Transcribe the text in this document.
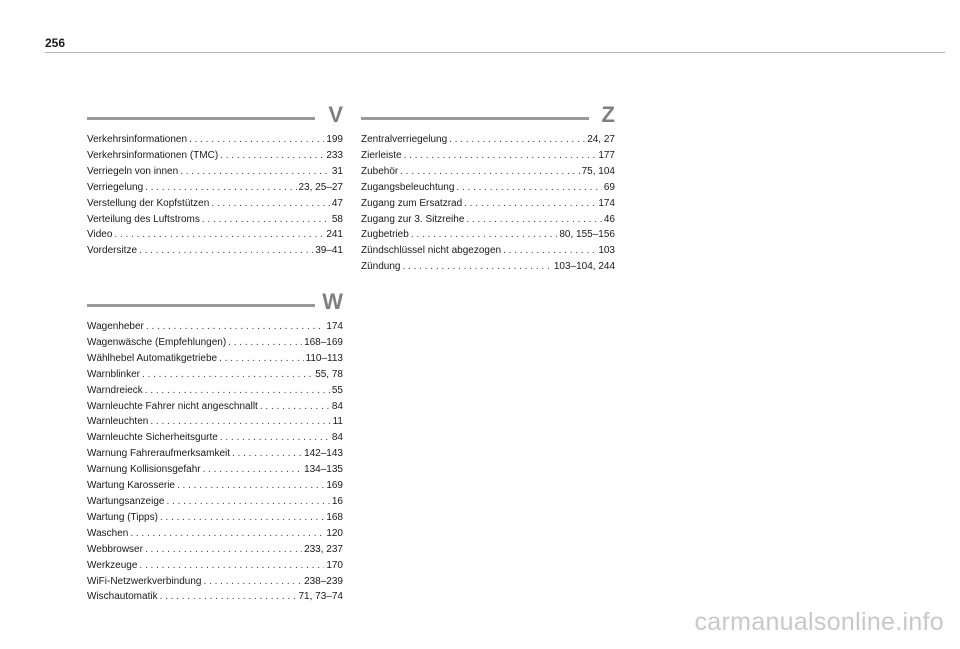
256
V
Verkehrsinformationen . . .	199
Verkehrsinformationen (TMC) . . .	233
Verriegeln von innen . . .	31
Verriegelung . . .	23, 25–27
Verstellung der Kopfstützen . . .	47
Verteilung des Luftstroms . . .	58
Video . . .	241
Vordersitze . . .	39–41
W
Wagenheber . . .	174
Wagenwäsche (Empfehlungen) . . .	168–169
Wählhebel Automatikgetriebe . . .	110–113
Warnblinker . . .	55, 78
Warndreieck . . .	55
Warnleuchte Fahrer nicht angeschnallt . . .	84
Warnleuchten . . .	11
Warnleuchte Sicherheitsgurte . . .	84
Warnung Fahreraufmerksamkeit . . .	142–143
Warnung Kollisionsgefahr . . .	134–135
Wartung Karosserie . . .	169
Wartungsanzeige . . .	16
Wartung (Tipps) . . .	168
Waschen . . .	120
Webbrowser . . .	233, 237
Werkzeuge . . .	170
WiFi-Netzwerkverbindung . . .	238–239
Wischautomatik . . .	71, 73–74
Z
Zentralverriegelung . . .	24, 27
Zierleiste . . .	177
Zubehör . . .	75, 104
Zugangsbeleuchtung . . .	69
Zugang zum Ersatzrad . . .	174
Zugang zur 3. Sitzreihe . . .	46
Zugbetrieb . . .	80, 155–156
Zündschlüssel nicht abgezogen . . .	103
Zündung . . .	103–104, 244
carmanualsonline.info
